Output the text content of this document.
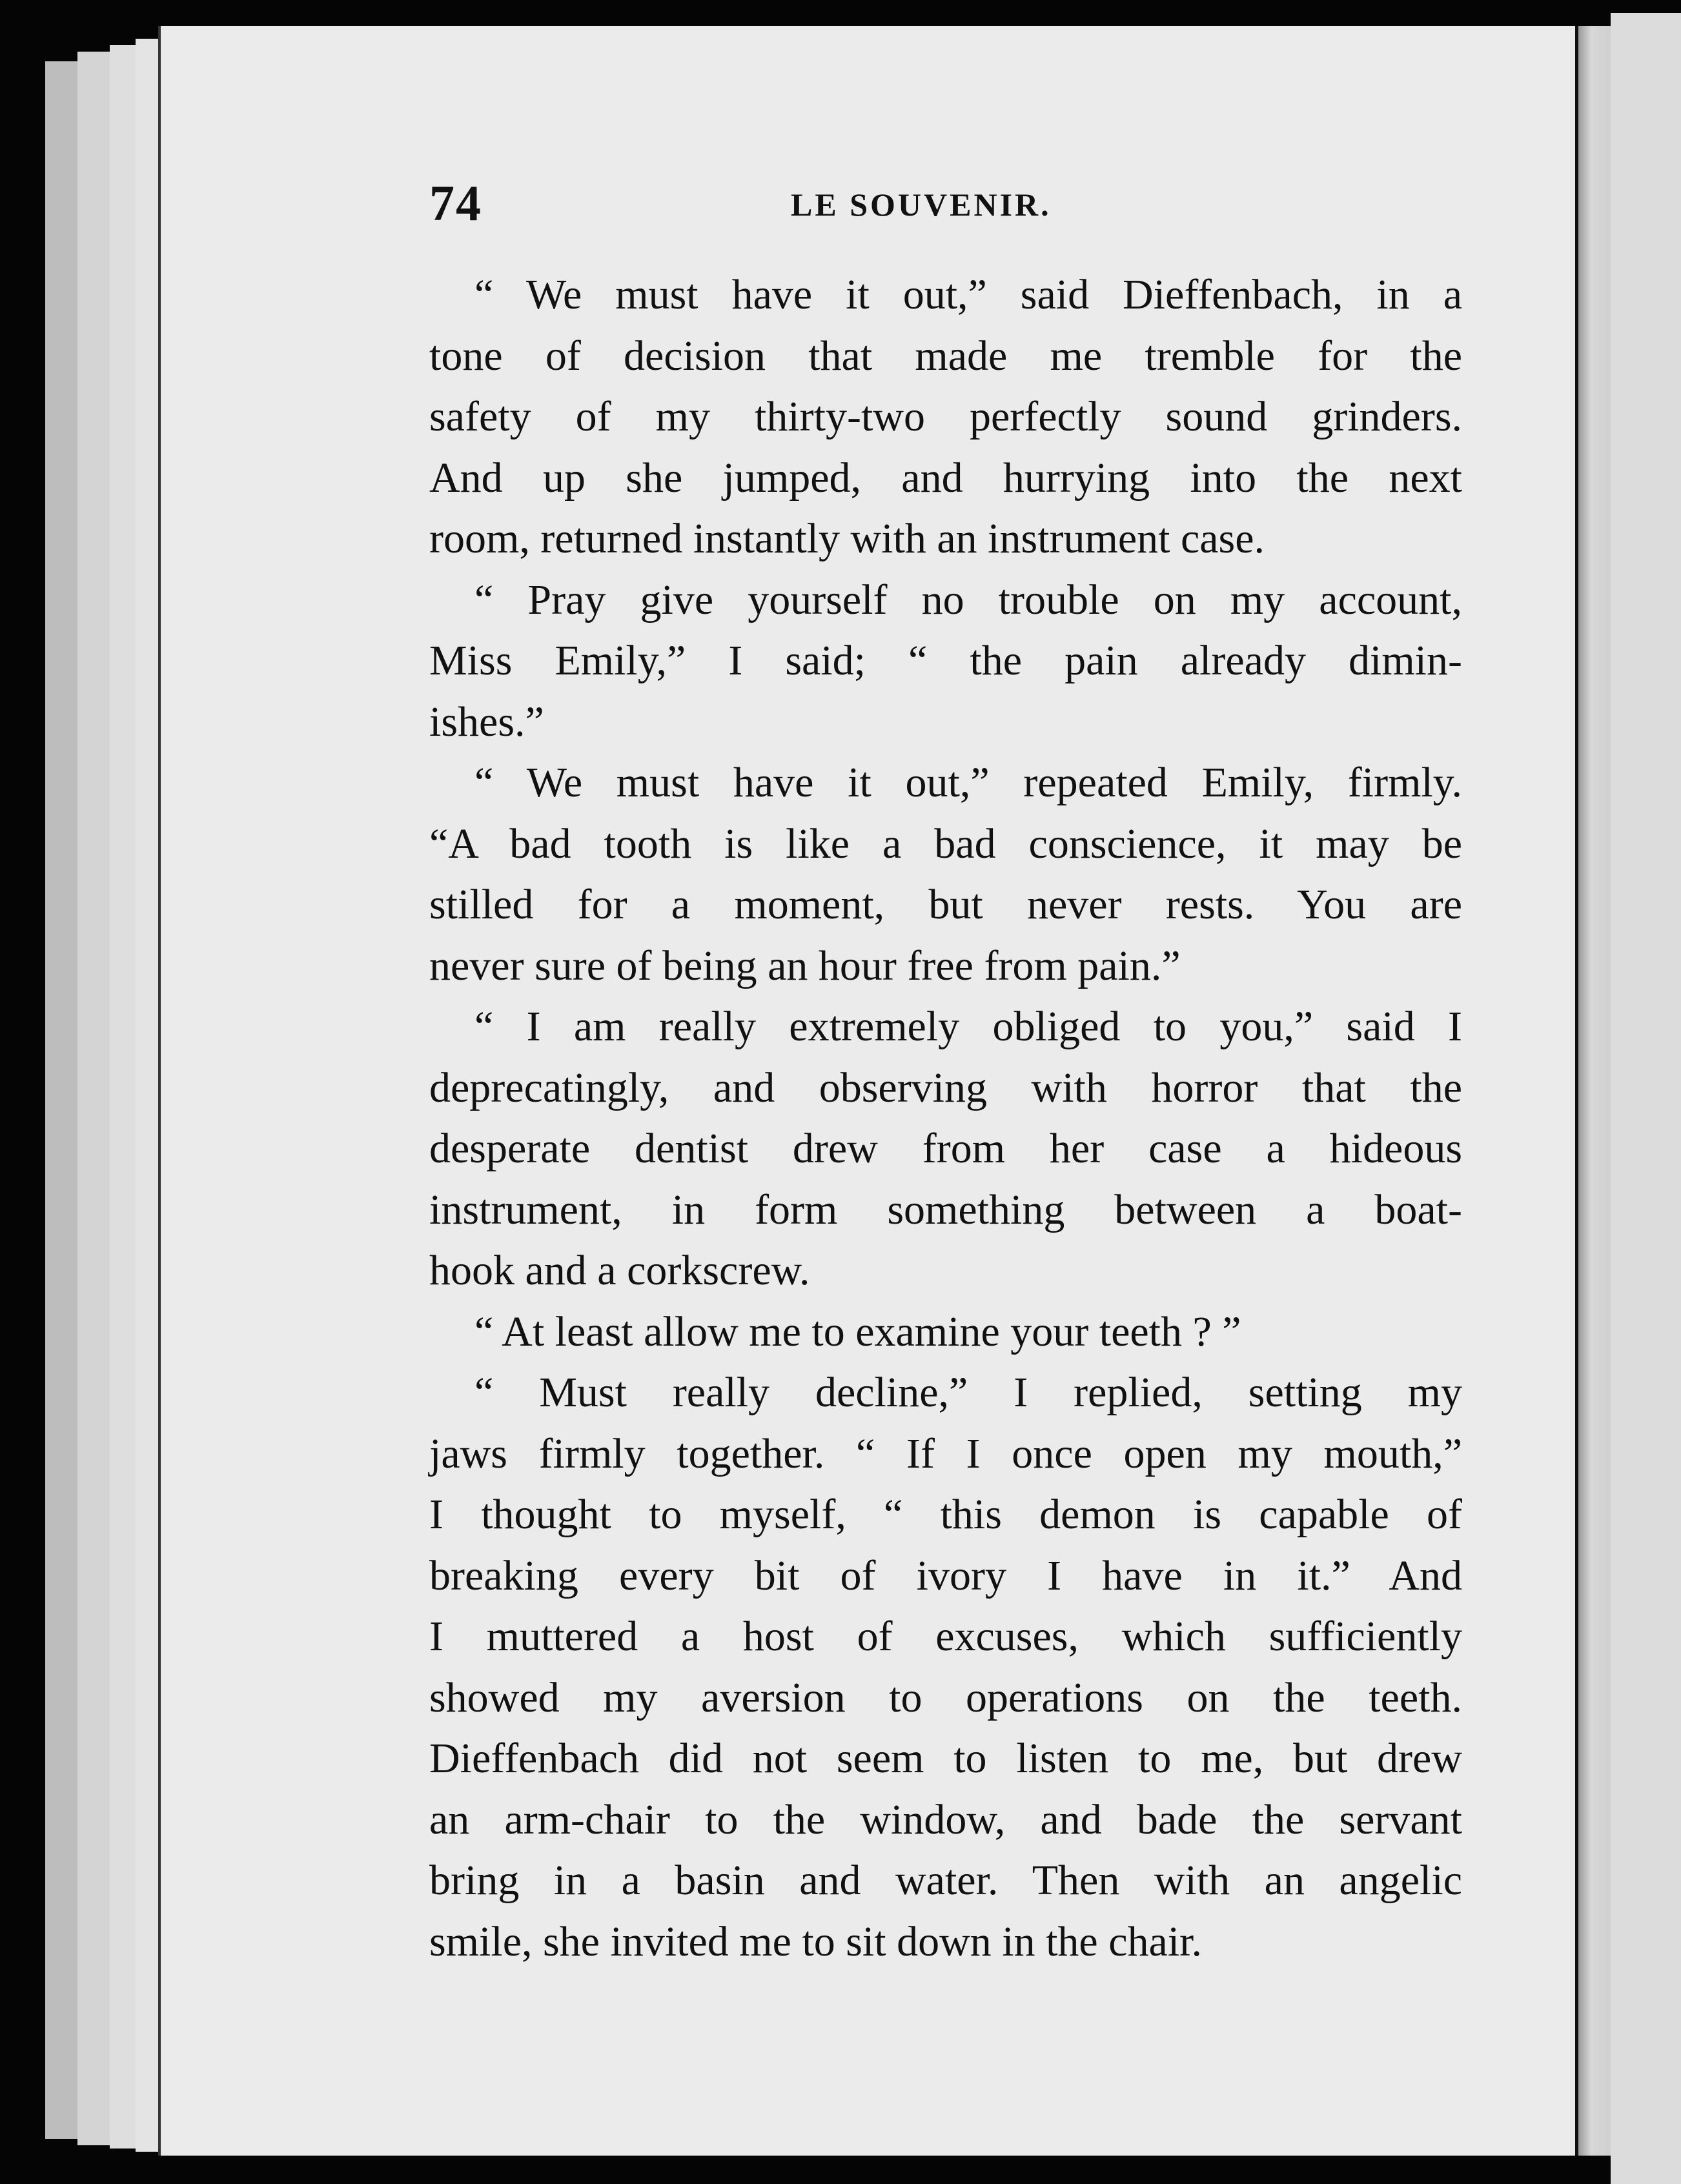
74	LE SOUVENIR.
“ We must have it out,” said Dieffenbach, in a
tone of decision that made me tremble for the
safety of my thirty-two perfectly sound grinders.
And up she jumped, and hurrying into the next
room, returned instantly with an instrument case.
“ Pray give yourself no trouble on my account,
Miss Emily,” I said; “ the pain already dimin-
ishes.”
“ We must have it out,” repeated Emily, firmly.
“A bad tooth is like a bad conscience, it may be
stilled for a moment, but never rests. You are
never sure of being an hour free from pain.”
“ I am really extremely obliged to you,” said I
deprecatingly, and observing with horror that the
desperate dentist drew from her case a hideous
instrument, in form something between a boat-
hook and a corkscrew.
“ At least allow me to examine your teeth ? ”
“ Must really decline,” I replied, setting my
jaws firmly together. “ If I once open my mouth,”
I thought to myself, “ this demon is capable of
breaking every bit of ivory I have in it.” And
I muttered a host of excuses, which sufficiently
showed my aversion to operations on the teeth.
Dieffenbach did not seem to listen to me, but drew
an arm-chair to the window, and bade the servant
bring in a basin and water. Then with an angelic
smile, she invited me to sit down in the chair.
